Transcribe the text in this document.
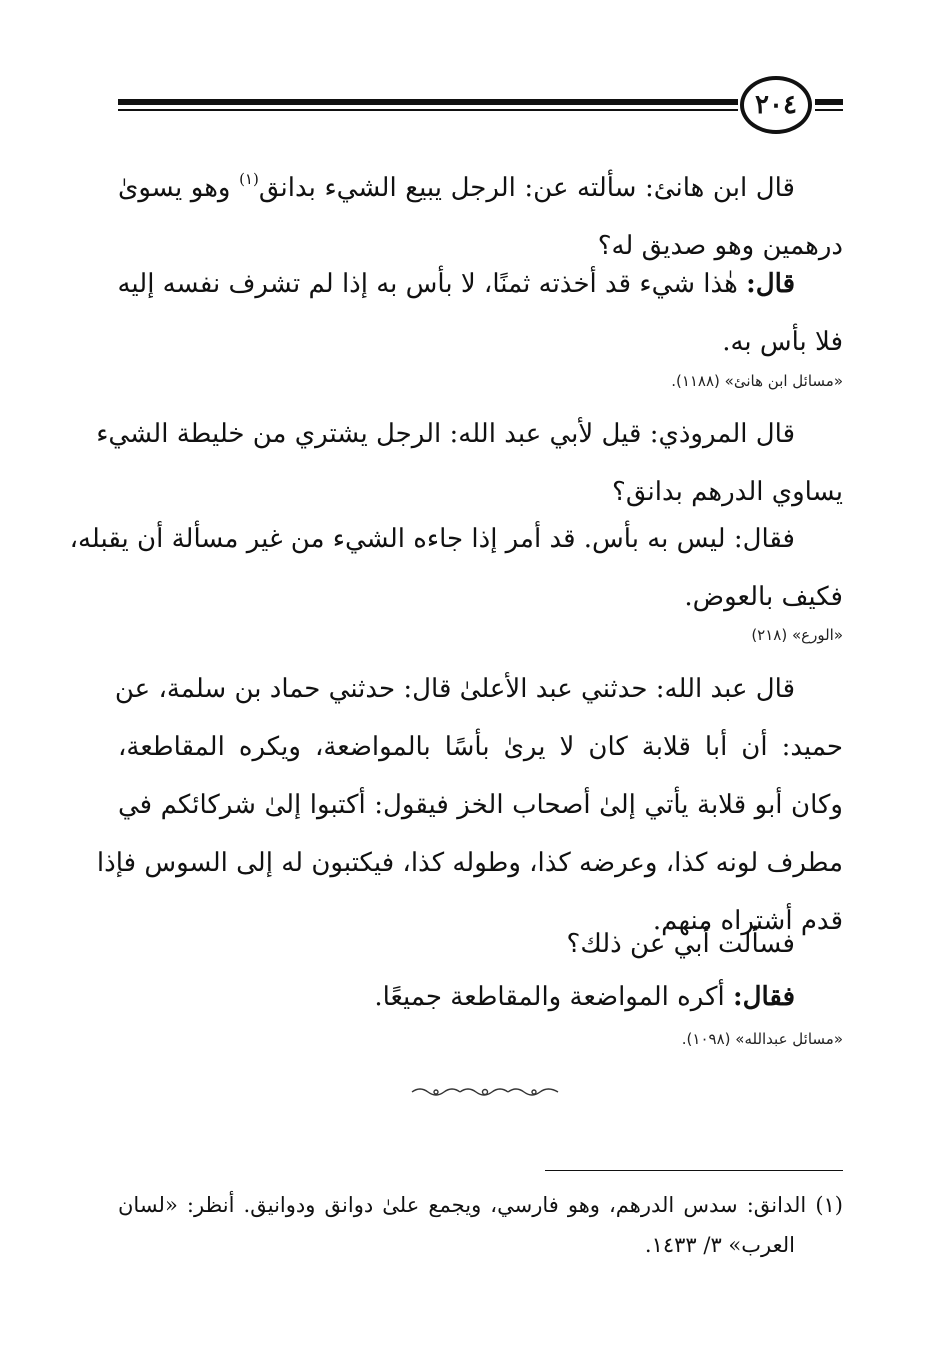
٢٠٤
قال ابن هانئ: سألته عن: الرجل يبيع الشيء بدانق$^{(١)}$ وهو يسوىٰ
درهمين وهو صديق له؟
قال: هٰذا شيء قد أخذته ثمنًا، لا بأس به إذا لم تشرف نفسه إليه
فلا بأس به.
«مسائل ابن هانئ» (١١٨٨).
قال المروذي: قيل لأبي عبد الله: الرجل يشتري من خليطة الشيء
يساوي الدرهم بدانق؟
فقال: ليس به بأس. قد أمر إذا جاءه الشيء من غير مسألة أن يقبله،
فكيف بالعوض.
«الورع» (٢١٨)
قال عبد الله: حدثني عبد الأعلىٰ قال: حدثني حماد بن سلمة، عن
حميد: أن أبا قلابة كان لا يرىٰ بأسًا بالمواضعة، ويكره المقاطعة،
وكان أبو قلابة يأتي إلىٰ أصحاب الخز فيقول: أكتبوا إلىٰ شركائكم في
مطرف لونه كذا، وعرضه كذا، وطوله كذا، فيكتبون له إلى السوس فإذا
قدم أشتراه منهم.
فسألت أبي عن ذلك؟
فقال: أكره المواضعة والمقاطعة جميعًا.
«مسائل عبدالله» (١٠٩٨).
(١) الدانق: سدس الدرهم، وهو فارسي، ويجمع علىٰ دوانق ودوانيق. أنظر: «لسان
العرب» ٣/ ١٤٣٣.
